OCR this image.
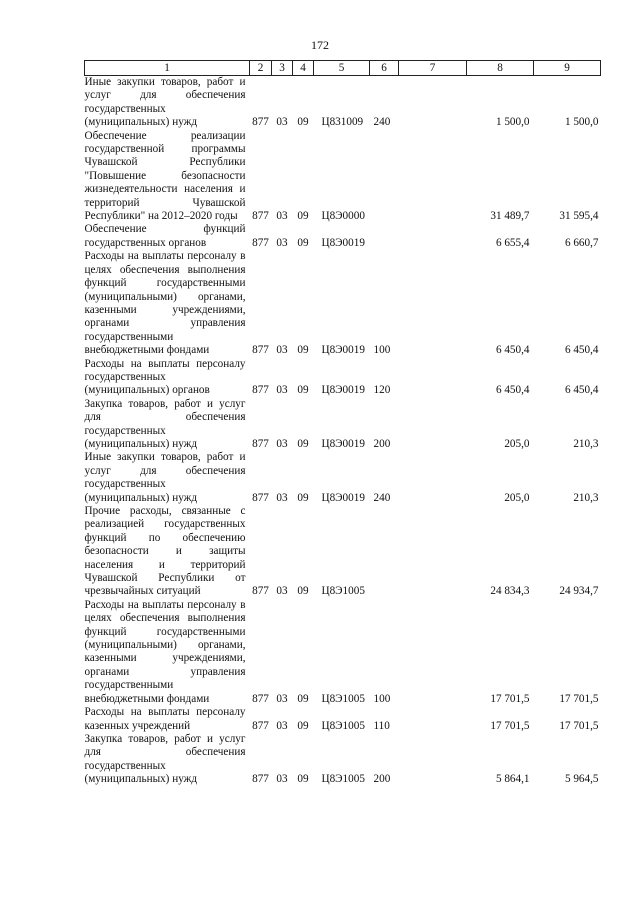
172
1	2	3	4	5	6	7	8	9
Иные закупки товаров, работ и услуг для обеспечения государственных (муниципальных) нужд	877	03	09	Ц831009	240		1 500,0	1 500,0
Обеспечение реализации государственной программы Чувашской Республики "Повышение безопасности жизнедеятельности населения и территорий Чувашской Республики" на 2012–2020 годы	877	03	09	Ц8Э0000			31 489,7	31 595,4
Обеспечение функций государственных органов	877	03	09	Ц8Э0019			6 655,4	6 660,7
Расходы на выплаты персоналу в целях обеспечения выполнения функций государственными (муниципальными) органами, казенными учреждениями, органами управления государственными внебюджетными фондами	877	03	09	Ц8Э0019	100		6 450,4	6 450,4
Расходы на выплаты персоналу государственных (муниципальных) органов	877	03	09	Ц8Э0019	120		6 450,4	6 450,4
Закупка товаров, работ и услуг для обеспечения государственных (муниципальных) нужд	877	03	09	Ц8Э0019	200		205,0	210,3
Иные закупки товаров, работ и услуг для обеспечения государственных (муниципальных) нужд	877	03	09	Ц8Э0019	240		205,0	210,3
Прочие расходы, связанные с реализацией государственных функций по обеспечению безопасности и защиты населения и территорий Чувашской Республики от чрезвычайных ситуаций	877	03	09	Ц8Э1005			24 834,3	24 934,7
Расходы на выплаты персоналу в целях обеспечения выполнения функций государственными (муниципальными) органами, казенными учреждениями, органами управления государственными внебюджетными фондами	877	03	09	Ц8Э1005	100		17 701,5	17 701,5
Расходы на выплаты персоналу казенных учреждений	877	03	09	Ц8Э1005	110		17 701,5	17 701,5
Закупка товаров, работ и услуг для обеспечения государственных (муниципальных) нужд	877	03	09	Ц8Э1005	200		5 864,1	5 964,5
